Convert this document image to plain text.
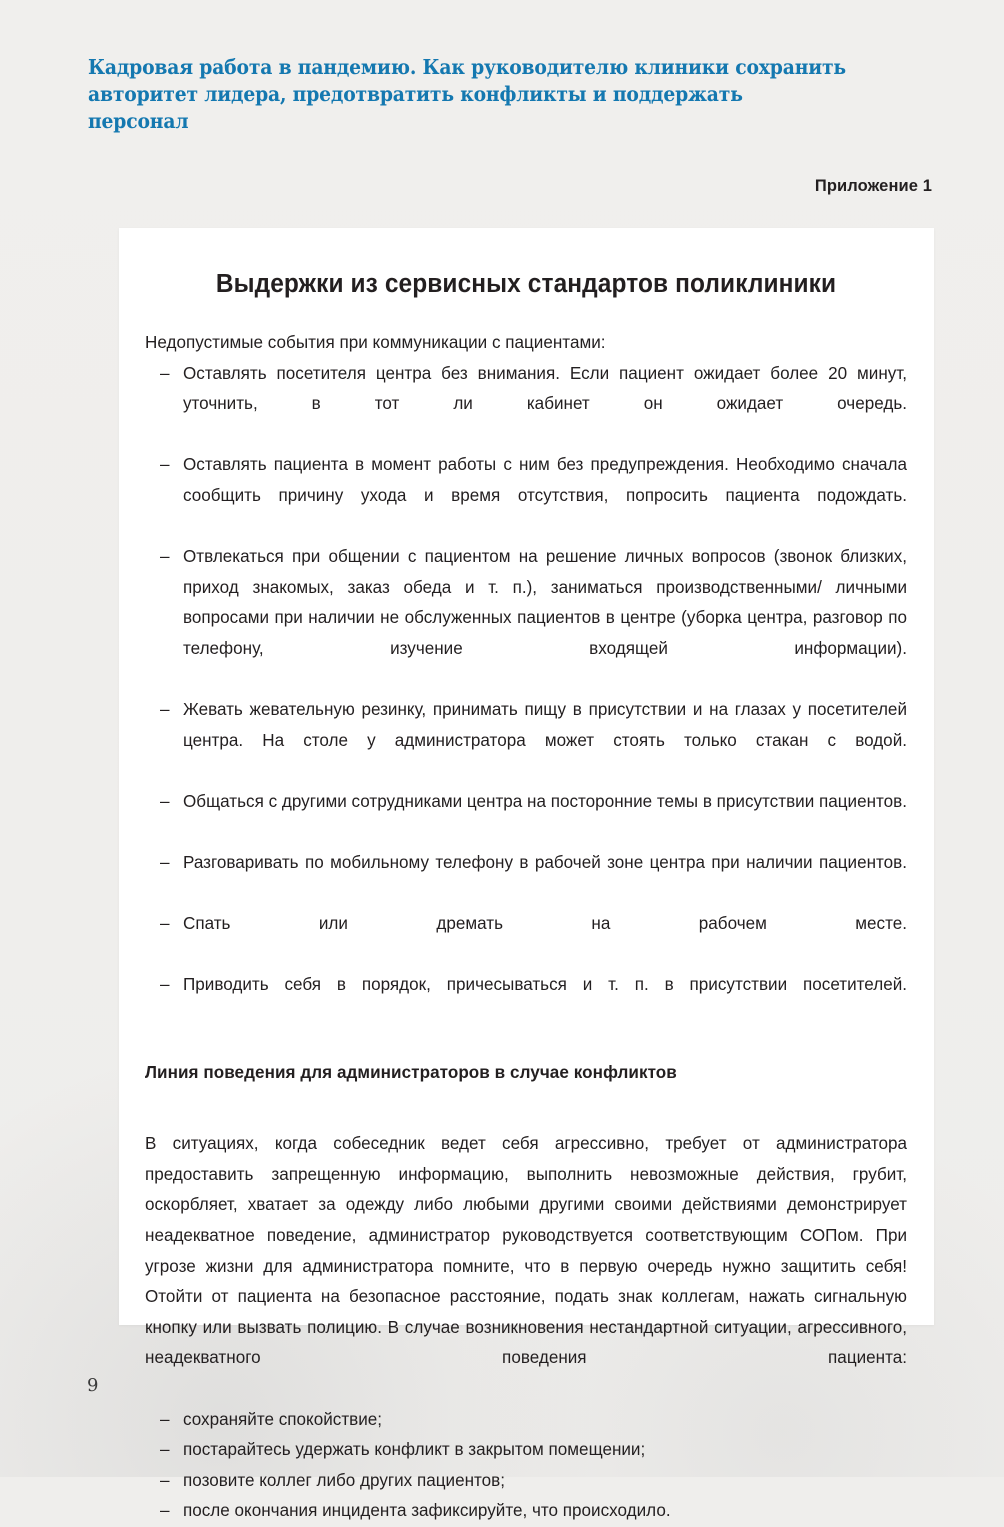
Кадровая работа в пандемию. Как руководителю клиники сохранить
авторитет лидера, предотвратить конфликты и поддержать персонал
Приложение 1
Выдержки из сервисных стандартов поликлиники

Недопустимые события при коммуникации с пациентами:

– Оставлять посетителя центра без внимания. Если пациент ожидает более 20 минут, уточнить, в тот ли кабинет он ожидает очередь.
– Оставлять пациента в момент работы с ним без предупреждения. Необходимо сначала сообщить причину ухода и время отсутствия, попросить пациента подождать.
– Отвлекаться при общении с пациентом на решение личных вопросов (звонок близких, приход знакомых, заказ обеда и т. п.), заниматься производственными/ личными вопросами при наличии не обслуженных пациентов в центре (уборка центра, разговор по телефону, изучение входящей информации).
– Жевать жевательную резинку, принимать пищу в присутствии и на глазах у посетителей центра. На столе у администратора может стоять только стакан с водой.
– Общаться с другими сотрудниками центра на посторонние темы в присутствии пациентов.
– Разговаривать по мобильному телефону в рабочей зоне центра при наличии пациентов.
– Спать или дремать на рабочем месте.
– Приводить себя в порядок, причесываться и т. п. в присутствии посетителей.

Линия поведения для администраторов в случае конфликтов

В ситуациях, когда собеседник ведет себя агрессивно, требует от администратора предоставить запрещенную информацию, выполнить невозможные действия, грубит, оскорбляет, хватает за одежду либо любыми другими своими действиями демонстрирует неадекватное поведение, администратор руководствуется соответствующим СОПом. При угрозе жизни для администратора помните, что в первую очередь нужно защитить себя! Отойти от пациента на безопасное расстояние, подать знак коллегам, нажать сигнальную кнопку или вызвать полицию. В случае возникновения нестандартной ситуации, агрессивного, неадекватного поведения пациента:

– сохраняйте спокойствие;
– постарайтесь удержать конфликт в закрытом помещении;
– позовите коллег либо других пациентов;
– после окончания инцидента зафиксируйте, что происходило.
9
